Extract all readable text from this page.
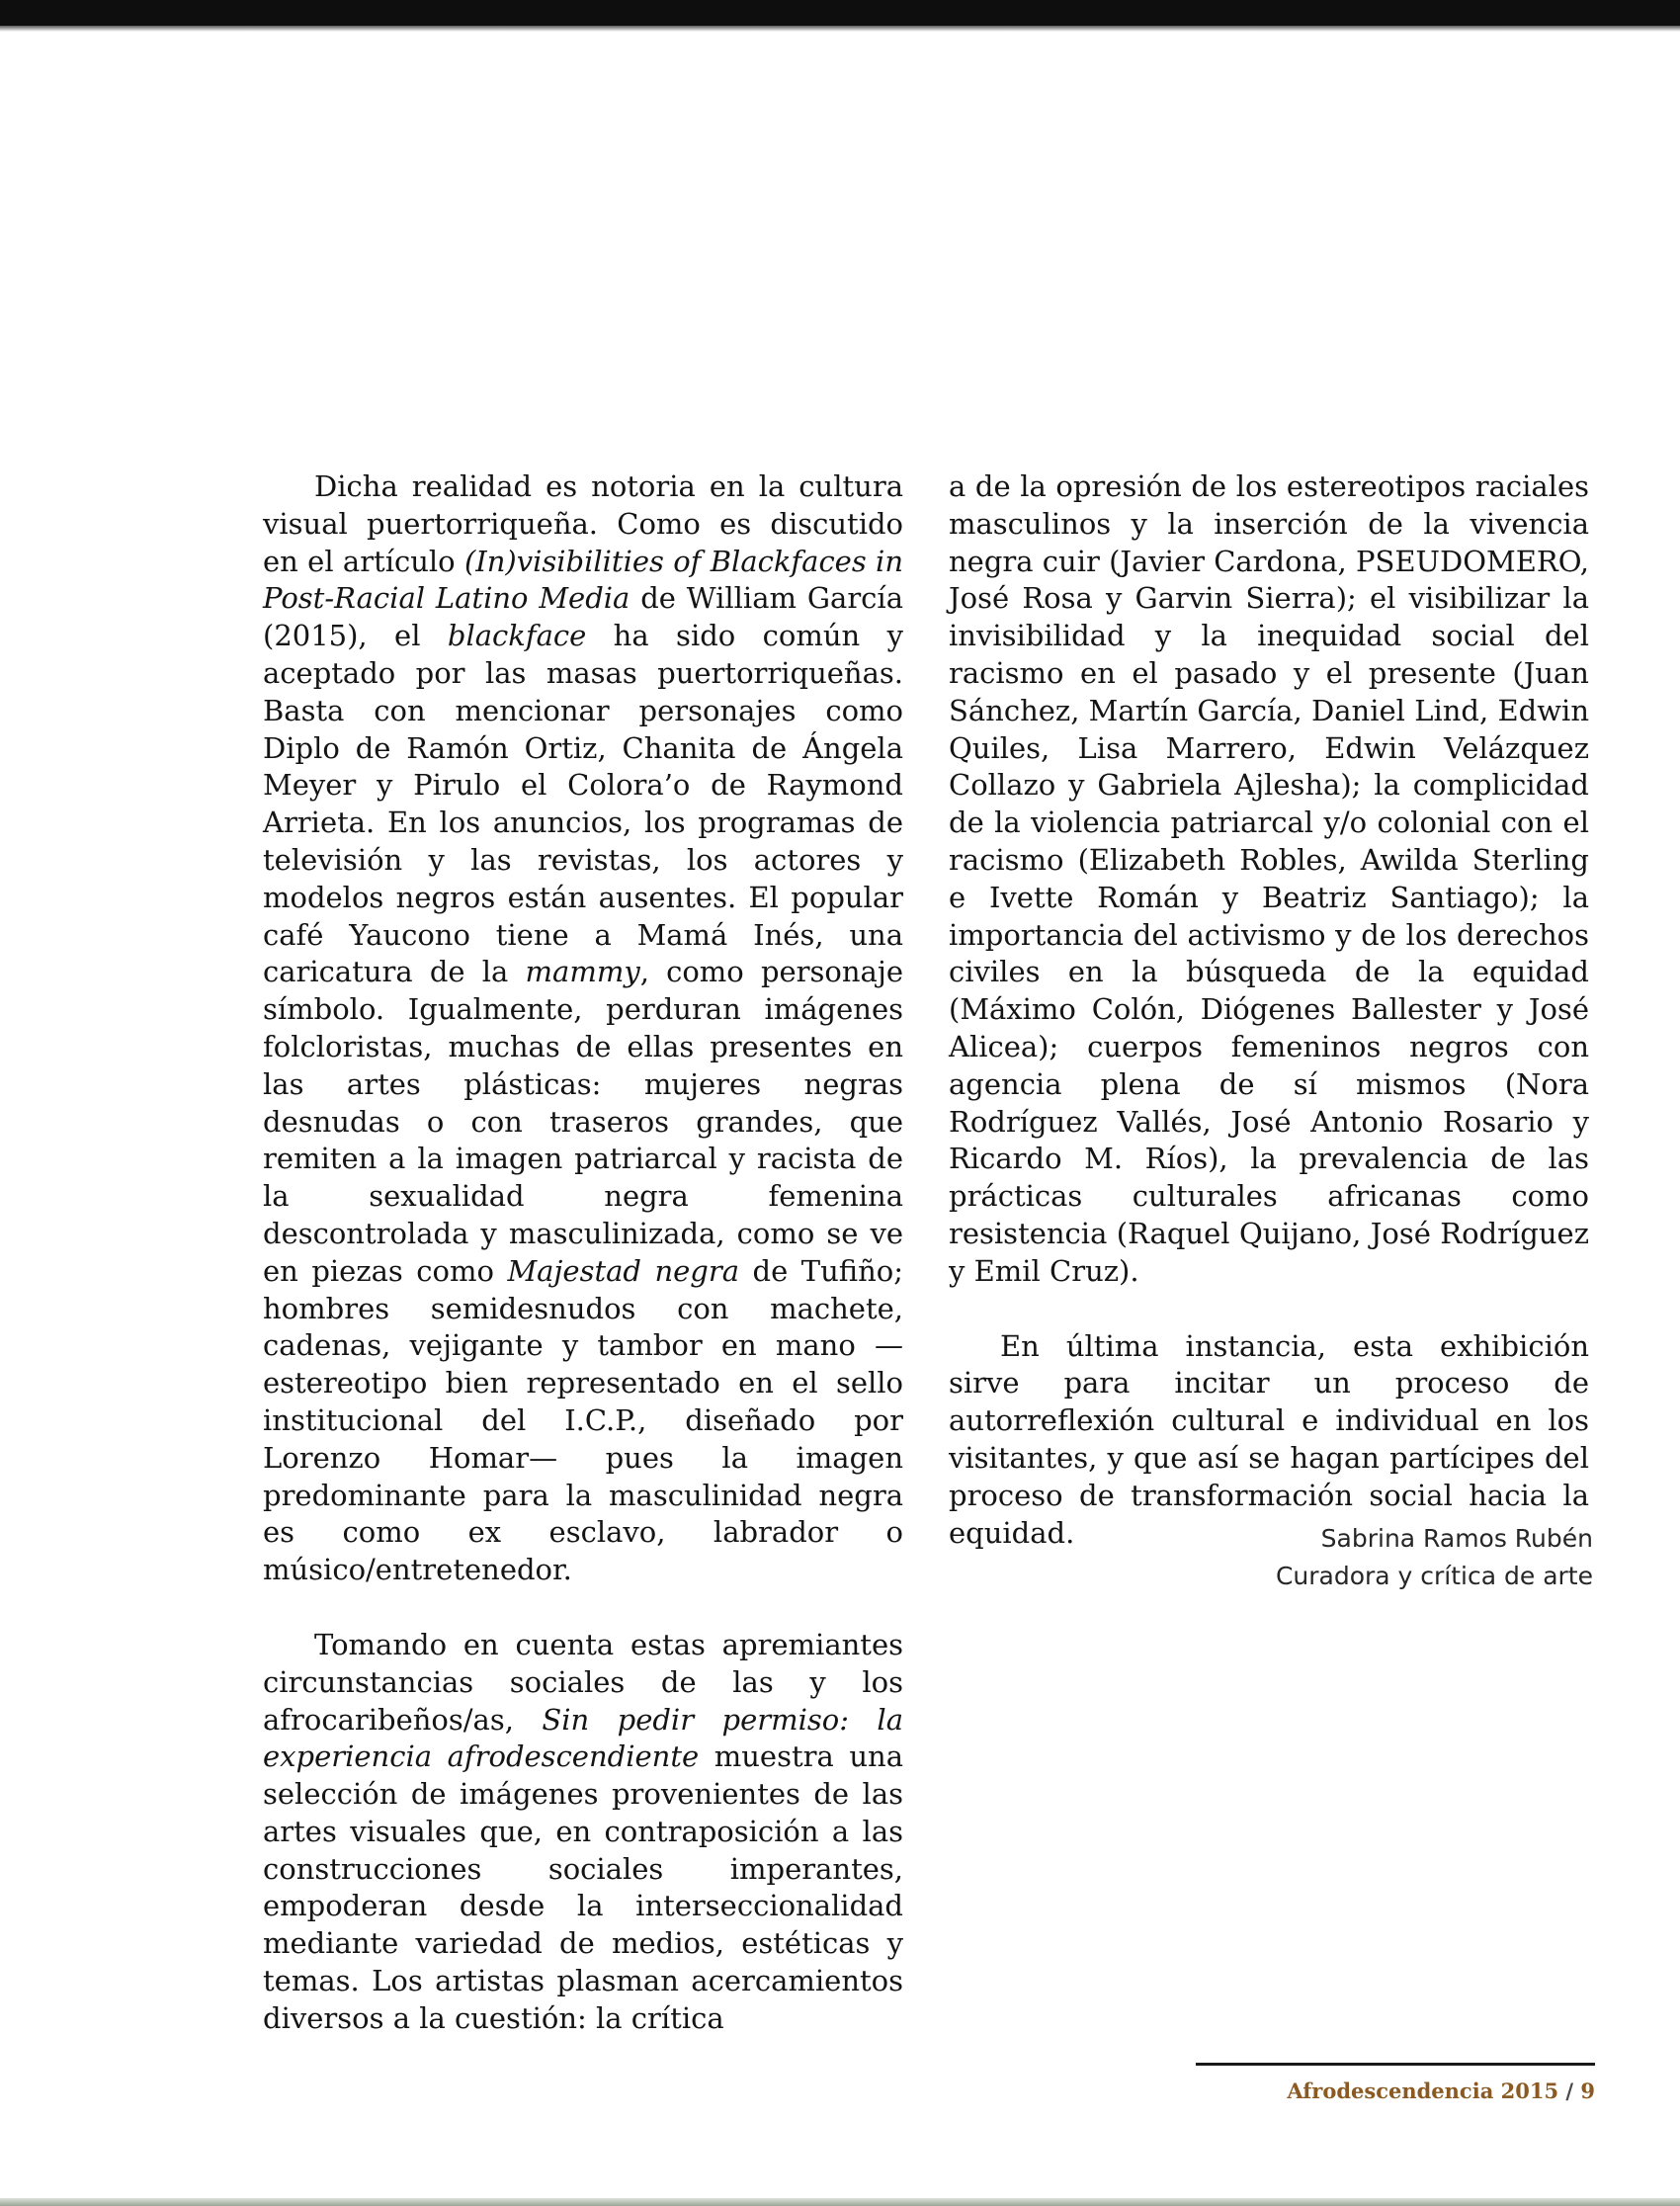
Dicha realidad es notoria en la cultura visual puertorriqueña. Como es discutido en el artículo (In)visibilities of Blackfaces in Post-Racial Latino Media de William García (2015), el blackface ha sido común y aceptado por las masas puertorriqueñas. Basta con mencionar personajes como Diplo de Ramón Ortiz, Chanita de Ángela Meyer y Pirulo el Colora’o de Raymond Arrieta. En los anuncios, los programas de televisión y las revistas, los actores y modelos negros están ausentes. El popular café Yaucono tiene a Mamá Inés, una caricatura de la mammy, como personaje símbolo. Igualmente, perduran imágenes folcloristas, muchas de ellas presentes en las artes plásticas: mujeres negras desnudas o con traseros grandes, que remiten a la imagen patriarcal y racista de la sexualidad negra femenina descontrolada y masculinizada, como se ve en piezas como Majestad negra de Tufiño; hombres semidesnudos con machete, cadenas, vejigante y tambor en mano —estereotipo bien representado en el sello institucional del I.C.P., diseñado por Lorenzo Homar— pues la imagen predominante para la masculinidad negra es como ex esclavo, labrador o músico/entretenedor.

Tomando en cuenta estas apremiantes circunstancias sociales de las y los afrocaribeños/as, Sin pedir permiso: la experiencia afrodescendiente muestra una selección de imágenes provenientes de las artes visuales que, en contraposición a las construcciones sociales imperantes, empoderan desde la interseccionalidad mediante variedad de medios, estéticas y temas. Los artistas plasman acercamientos diversos a la cuestión: la crítica

a de la opresión de los estereotipos raciales masculinos y la inserción de la vivencia negra cuir (Javier Cardona, PSEUDOMERO, José Rosa y Garvin Sierra); el visibilizar la invisibilidad y la inequidad social del racismo en el pasado y el presente (Juan Sánchez, Martín García, Daniel Lind, Edwin Quiles, Lisa Marrero, Edwin Velázquez Collazo y Gabriela Ajlesha); la complicidad de la violencia patriarcal y/o colonial con el racismo (Elizabeth Robles, Awilda Sterling e Ivette Román y Beatriz Santiago); la importancia del activismo y de los derechos civiles en la búsqueda de la equidad (Máximo Colón, Diógenes Ballester y José Alicea); cuerpos femeninos negros con agencia plena de sí mismos (Nora Rodríguez Vallés, José Antonio Rosario y Ricardo M. Ríos), la prevalencia de las prácticas culturales africanas como resistencia (Raquel Quijano, José Rodríguez y Emil Cruz).

En última instancia, esta exhibición sirve para incitar un proceso de autorreflexión cultural e individual en los visitantes, y que así se hagan partícipes del proceso de transformación social hacia la equidad.	Sabrina Ramos Rubén
Curadora y crítica de arte
Afrodescendencia 2015 / 9
